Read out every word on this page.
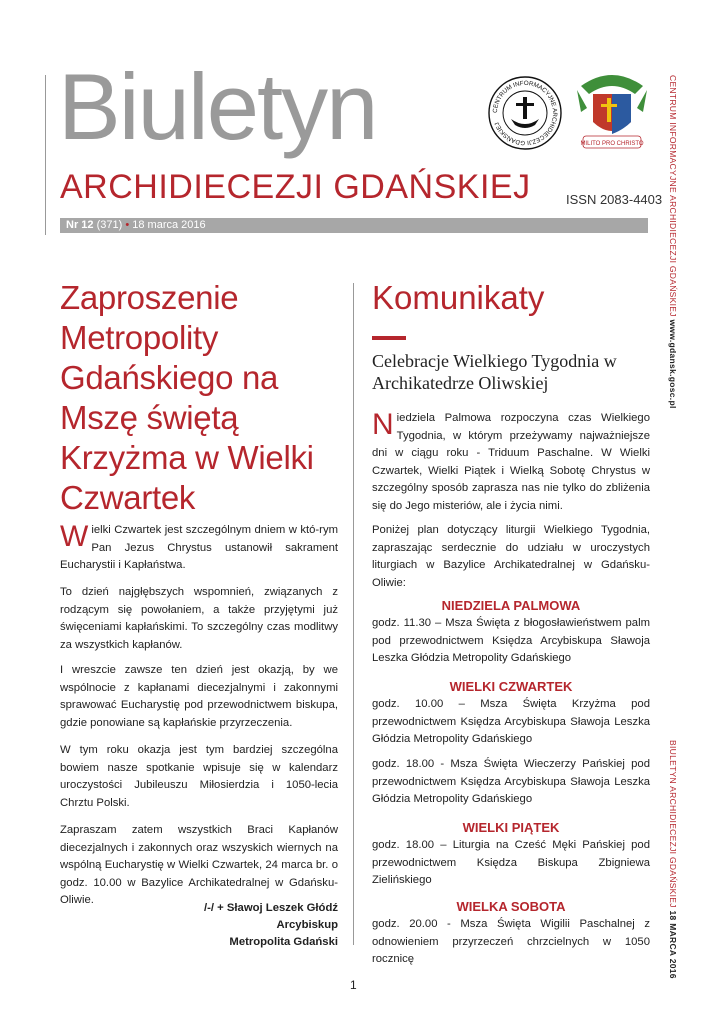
Biuletyn
ARCHIDIECEZJI GDAŃSKIEJ	ISSN 2083-4403
CENTRUM INFORMACYJNE ARCHIDIECEZJI GDAŃSKIEJ
MILITO PRO CHRISTO
Nr 12 (371) • 18 marca 2016	CENTRUM INFORMACYJNE ARCHIDIECEZJI GDAŃSKIEJ www.gdansk.gosc.pl
BIULETYN ARCHIDIECEZJI GDAŃSKIEJ 18 MARCA 2016
Zaproszenie Metropolity Gdańskiego na Mszę świętą Krzyżma w Wielki Czwartek
Wielki Czwartek jest szczególnym dniem w któ-rym Pan Jezus Chrystus ustanowił sakrament Eucharystii i Kapłaństwa.
To dzień najgłębszych wspomnień, związanych z rodzącym się powołaniem, a także przyjętymi już święceniami kapłańskimi. To szczególny czas modlitwy za wszystkich kapłanów.
I wreszcie zawsze ten dzień jest okazją, by we wspólnocie z kapłanami diecezjalnymi i zakonnymi sprawować Eucharystię pod przewodnictwem biskupa, gdzie ponowiane są kapłańskie przyrzeczenia.
W tym roku okazja jest tym bardziej szczególna bowiem nasze spotkanie wpisuje się w kalendarz uroczystości Jubileuszu Miłosierdzia i 1050-lecia Chrztu Polski.
Zapraszam zatem wszystkich Braci Kapłanów diecezjalnych i zakonnych oraz wszyskich wiernych na wspólną Eucharystię w Wielki Czwartek, 24 marca br. o godz. 10.00 w Bazylice Archikatedralnej w Gdańsku-Oliwie.
/-/ + Sławoj Leszek Głódź
Arcybiskup
Metropolita Gdański
Komunikaty
Celebracje Wielkiego Tygodnia w Archikatedrze Oliwskiej
Niedziela Palmowa rozpoczyna czas Wielkiego Tygodnia, w którym przeżywamy najważniejsze dni w ciągu roku - Triduum Paschalne. W Wielki Czwartek, Wielki Piątek i Wielką Sobotę Chrystus w szczególny sposób zaprasza nas nie tylko do zbliżenia się do Jego misteriów, ale i życia nimi.
Poniżej plan dotyczący liturgii Wielkiego Tygodnia, zapraszając serdecznie do udziału w uroczystych liturgiach w Bazylice Archikatedralnej w Gdańsku-Oliwie:
NIEDZIELA PALMOWA
godz. 11.30 – Msza Święta z błogosławieństwem palm pod przewodnictwem Księdza Arcybiskupa Sławoja Leszka Głódzia Metropolity Gdańskiego
WIELKI CZWARTEK
godz. 10.00 – Msza Święta Krzyżma pod przewodnictwem Księdza Arcybiskupa Sławoja Leszka Głódzia Metropolity Gdańskiego
godz. 18.00 - Msza Święta Wieczerzy Pańskiej pod przewodnictwem Księdza Arcybiskupa Sławoja Leszka Głódzia Metropolity Gdańskiego
WIELKI PIĄTEK
godz. 18.00 – Liturgia na Cześć Męki Pańskiej pod przewodnictwem Księdza Biskupa Zbigniewa Zielińskiego
WIELKA SOBOTA
godz. 20.00 - Msza Święta Wigilii Paschalnej z odnowieniem przyrzeczeń chrzcielnych w 1050 rocznicę
1
